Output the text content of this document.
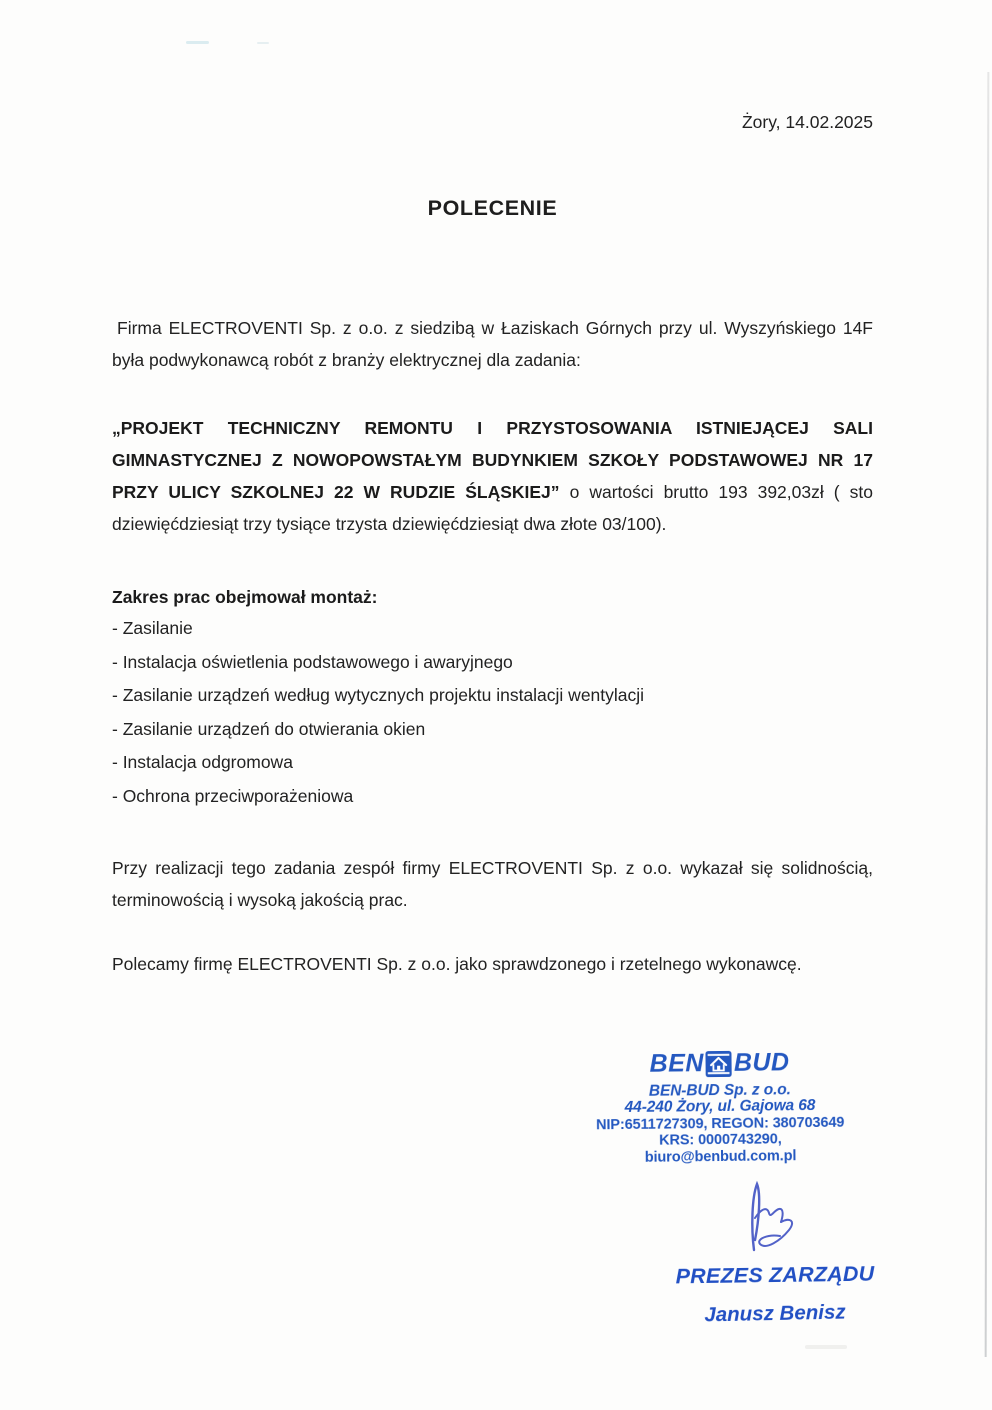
Żory, 14.02.2025
POLECENIE

Firma ELECTROVENTI Sp. z o.o. z siedzibą w Łaziskach Górnych przy ul. Wyszyńskiego 14F była podwykonawcą robót z branży elektrycznej dla zadania:

„PROJEKT TECHNICZNY REMONTU I PRZYSTOSOWANIA ISTNIEJĄCEJ SALI GIMNASTYCZNEJ Z NOWOPOWSTAŁYM BUDYNKIEM SZKOŁY PODSTAWOWEJ NR 17 PRZY ULICY SZKOLNEJ 22 W RUDZIE ŚLĄSKIEJ” o wartości brutto 193 392,03zł ( sto dziewięćdziesiąt trzy tysiące trzysta dziewięćdziesiąt dwa złote 03/100).

Zakres prac obejmował montaż:
- Zasilanie
- Instalacja oświetlenia podstawowego i awaryjnego
- Zasilanie urządzeń według wytycznych projektu instalacji wentylacji
- Zasilanie urządzeń do otwierania okien
- Instalacja odgromowa
- Ochrona przeciwporażeniowa

Przy realizacji tego zadania zespół firmy ELECTROVENTI Sp. z o.o. wykazał się solidnością, terminowością i wysoką jakością prac.

Polecamy firmę ELECTROVENTI Sp. z o.o. jako sprawdzonego i rzetelnego wykonawcę.

BEN BUD
BEN-BUD Sp. z o.o.
44-240 Żory, ul. Gajowa 68
NIP:6511727309, REGON: 380703649
KRS: 0000743290, biuro@benbud.com.pl
PREZES ZARZĄDU
Janusz Benisz
